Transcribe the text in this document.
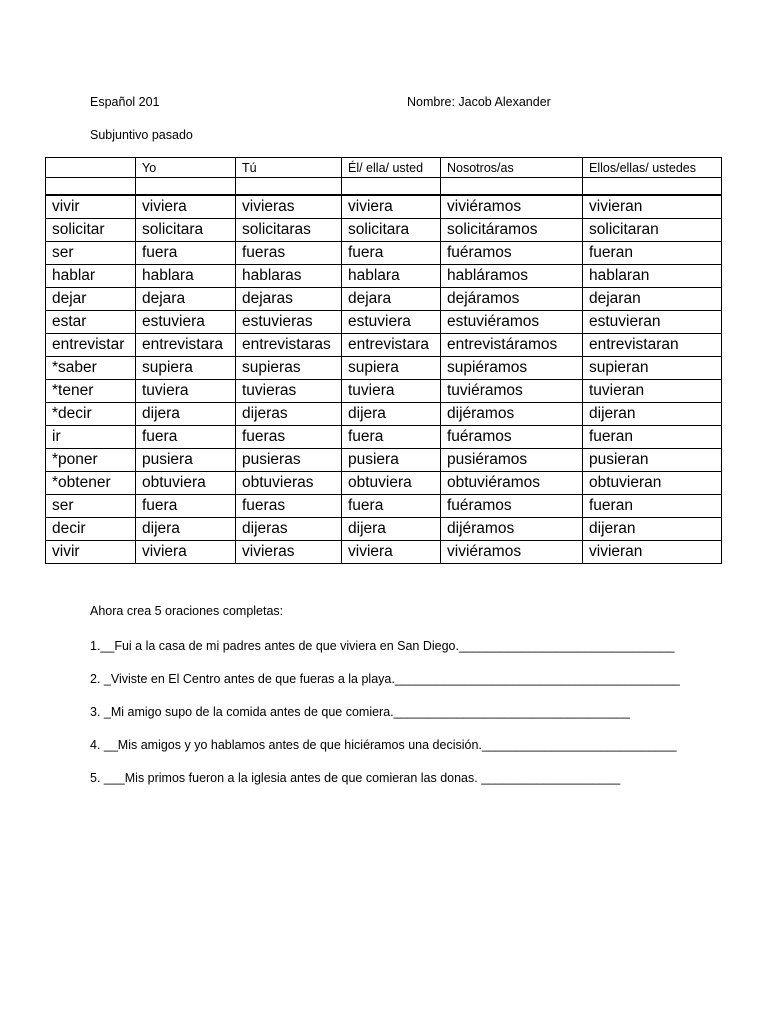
Español 201	Nombre: Jacob Alexander
Subjuntivo pasado
	Yo	Tú	Él/ ella/ usted	Nosotros/as	Ellos/ellas/ ustedes

vivir	viviera	vivieras	viviera	viviéramos	vivieran
solicitar	solicitara	solicitaras	solicitara	solicitáramos	solicitaran
ser	fuera	fueras	fuera	fuéramos	fueran
hablar	hablara	hablaras	hablara	habláramos	hablaran
dejar	dejara	dejaras	dejara	dejáramos	dejaran
estar	estuviera	estuvieras	estuviera	estuviéramos	estuvieran
entrevistar	entrevistara	entrevistaras	entrevistara	entrevistáramos	entrevistaran
*saber	supiera	supieras	supiera	supiéramos	supieran
*tener	tuviera	tuvieras	tuviera	tuviéramos	tuvieran
*decir	dijera	dijeras	dijera	dijéramos	dijeran
ir	fuera	fueras	fuera	fuéramos	fueran
*poner	pusiera	pusieras	pusiera	pusiéramos	pusieran
*obtener	obtuviera	obtuvieras	obtuviera	obtuviéramos	obtuvieran
ser	fuera	fueras	fuera	fuéramos	fueran
decir	dijera	dijeras	dijera	dijéramos	dijeran
vivir	viviera	vivieras	viviera	viviéramos	vivieran
Ahora crea 5 oraciones completas:
1.__Fui a la casa de mi padres antes de que viviera en San Diego._______________________________
2. _Viviste en El Centro antes de que fueras a la playa._________________________________________
3. _Mi amigo supo de la comida antes de que comiera.__________________________________
4. __Mis amigos y yo hablamos antes de que hiciéramos una decisión.____________________________
5. ___Mis primos fueron a la iglesia antes de que comieran las donas. ____________________
